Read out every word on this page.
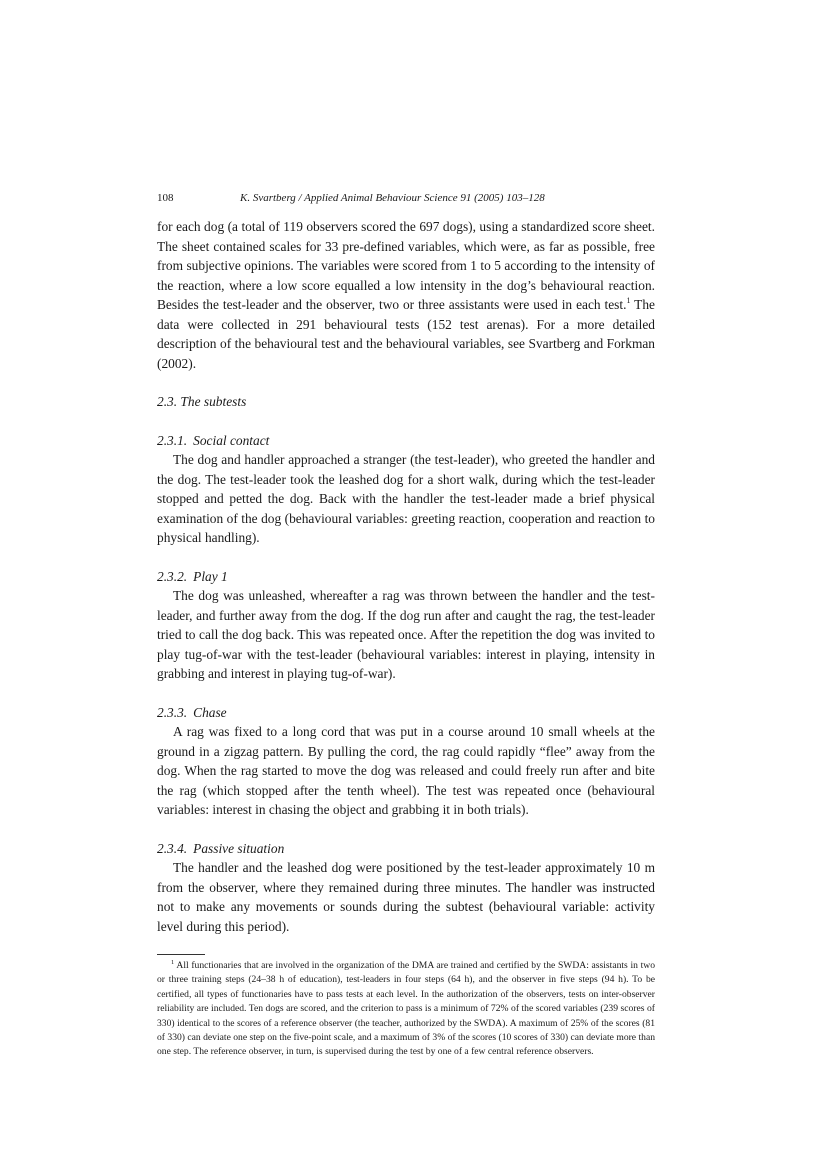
108	K. Svartberg / Applied Animal Behaviour Science 91 (2005) 103–128

for each dog (a total of 119 observers scored the 697 dogs), using a standardized score sheet. The sheet contained scales for 33 pre-defined variables, which were, as far as possible, free from subjective opinions. The variables were scored from 1 to 5 according to the intensity of the reaction, where a low score equalled a low intensity in the dog’s behavioural reaction. Besides the test-leader and the observer, two or three assistants were used in each test.$^1$ The data were collected in 291 behavioural tests (152 test arenas). For a more detailed description of the behavioural test and the behavioural variables, see Svartberg and Forkman (2002).

2.3. The subtests

2.3.1. Social contact

The dog and handler approached a stranger (the test-leader), who greeted the handler and the dog. The test-leader took the leashed dog for a short walk, during which the test-leader stopped and petted the dog. Back with the handler the test-leader made a brief physical examination of the dog (behavioural variables: greeting reaction, cooperation and reaction to physical handling).

2.3.2. Play 1

The dog was unleashed, whereafter a rag was thrown between the handler and the test-leader, and further away from the dog. If the dog run after and caught the rag, the test-leader tried to call the dog back. This was repeated once. After the repetition the dog was invited to play tug-of-war with the test-leader (behavioural variables: interest in playing, intensity in grabbing and interest in playing tug-of-war).

2.3.3. Chase

A rag was fixed to a long cord that was put in a course around 10 small wheels at the ground in a zigzag pattern. By pulling the cord, the rag could rapidly “flee” away from the dog. When the rag started to move the dog was released and could freely run after and bite the rag (which stopped after the tenth wheel). The test was repeated once (behavioural variables: interest in chasing the object and grabbing it in both trials).

2.3.4. Passive situation

The handler and the leashed dog were positioned by the test-leader approximately 10 m from the observer, where they remained during three minutes. The handler was instructed not to make any movements or sounds during the subtest (behavioural variable: activity level during this period).

$^1$ All functionaries that are involved in the organization of the DMA are trained and certified by the SWDA: assistants in two or three training steps (24–38 h of education), test-leaders in four steps (64 h), and the observer in five steps (94 h). To be certified, all types of functionaries have to pass tests at each level. In the authorization of the observers, tests on inter-observer reliability are included. Ten dogs are scored, and the criterion to pass is a minimum of 72% of the scored variables (239 scores of 330) identical to the scores of a reference observer (the teacher, authorized by the SWDA). A maximum of 25% of the scores (81 of 330) can deviate one step on the five-point scale, and a maximum of 3% of the scores (10 scores of 330) can deviate more than one step. The reference observer, in turn, is supervised during the test by one of a few central reference observers.
